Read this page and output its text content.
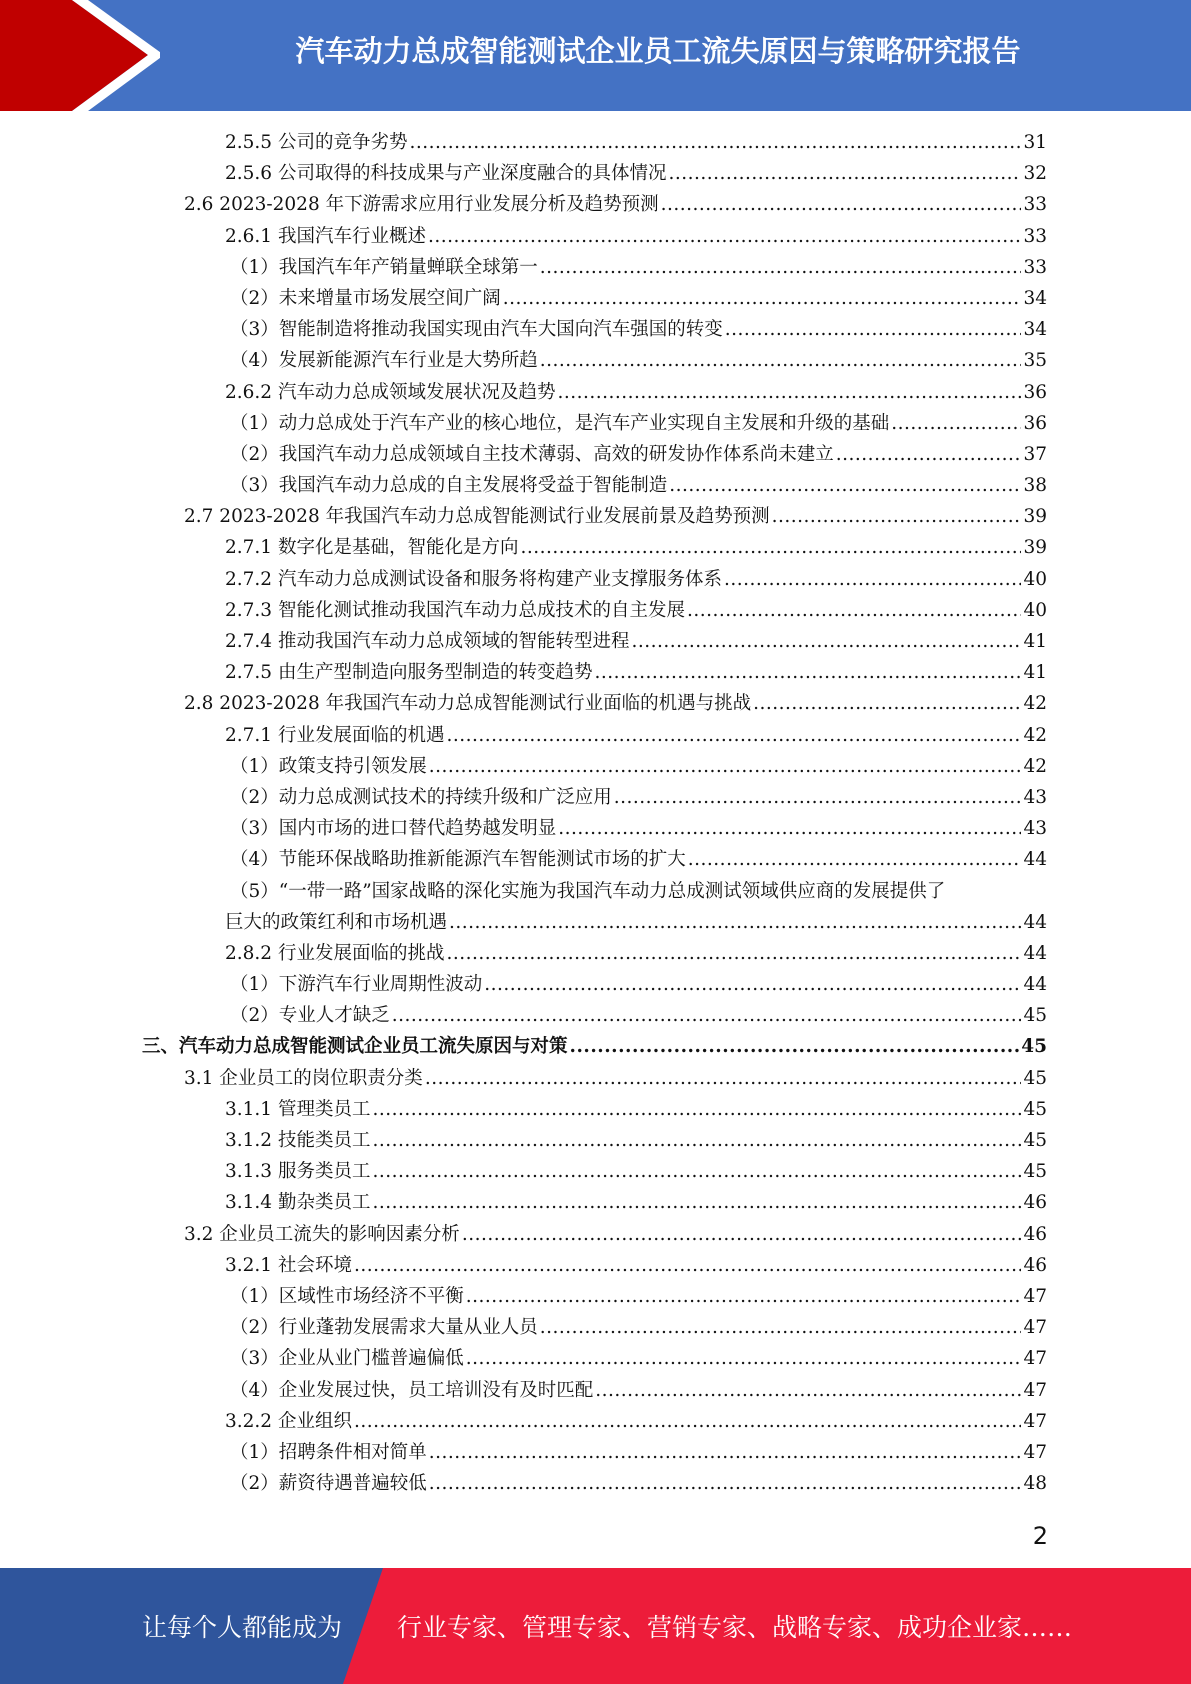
汽车动力总成智能测试企业员工流失原因与策略研究报告
2.5.5 公司的竞争劣势 .....	31
2.5.6 公司取得的科技成果与产业深度融合的具体情况 .....	32
2.6 2023-2028 年下游需求应用行业发展分析及趋势预测 .....	33
2.6.1 我国汽车行业概述 .....	33
（1）我国汽车年产销量蝉联全球第一 .....	33
（2）未来增量市场发展空间广阔 .....	34
（3）智能制造将推动我国实现由汽车大国向汽车强国的转变 .....	34
（4）发展新能源汽车行业是大势所趋 .....	35
2.6.2 汽车动力总成领域发展状况及趋势 .....	36
（1）动力总成处于汽车产业的核心地位，是汽车产业实现自主发展和升级的基础 .....	36
（2）我国汽车动力总成领域自主技术薄弱、高效的研发协作体系尚未建立 .....	37
（3）我国汽车动力总成的自主发展将受益于智能制造 .....	38
2.7 2023-2028 年我国汽车动力总成智能测试行业发展前景及趋势预测 .....	39
2.7.1 数字化是基础，智能化是方向 .....	39
2.7.2 汽车动力总成测试设备和服务将构建产业支撑服务体系 .....	40
2.7.3 智能化测试推动我国汽车动力总成技术的自主发展 .....	40
2.7.4 推动我国汽车动力总成领域的智能转型进程 .....	41
2.7.5 由生产型制造向服务型制造的转变趋势 .....	41
2.8 2023-2028 年我国汽车动力总成智能测试行业面临的机遇与挑战 .....	42
2.7.1 行业发展面临的机遇 .....	42
（1）政策支持引领发展 .....	42
（2）动力总成测试技术的持续升级和广泛应用 .....	43
（3）国内市场的进口替代趋势越发明显 .....	43
（4）节能环保战略助推新能源汽车智能测试市场的扩大 .....	44
（5）“一带一路”国家战略的深化实施为我国汽车动力总成测试领域供应商的发展提供了
巨大的政策红利和市场机遇 .....	44
2.8.2 行业发展面临的挑战 .....	44
（1）下游汽车行业周期性波动 .....	44
（2）专业人才缺乏 .....	45
三、汽车动力总成智能测试企业员工流失原因与对策 .....	45
3.1 企业员工的岗位职责分类 .....	45
3.1.1 管理类员工 .....	45
3.1.2 技能类员工 .....	45
3.1.3 服务类员工 .....	45
3.1.4 勤杂类员工 .....	46
3.2 企业员工流失的影响因素分析 .....	46
3.2.1 社会环境 .....	46
（1）区域性市场经济不平衡 .....	47
（2）行业蓬勃发展需求大量从业人员 .....	47
（3）企业从业门槛普遍偏低 .....	47
（4）企业发展过快，员工培训没有及时匹配 .....	47
3.2.2 企业组织 .....	47
（1）招聘条件相对简单 .....	47
（2）薪资待遇普遍较低 .....	48
2
让每个人都能成为 行业专家、管理专家、营销专家、战略专家、成功企业家……
